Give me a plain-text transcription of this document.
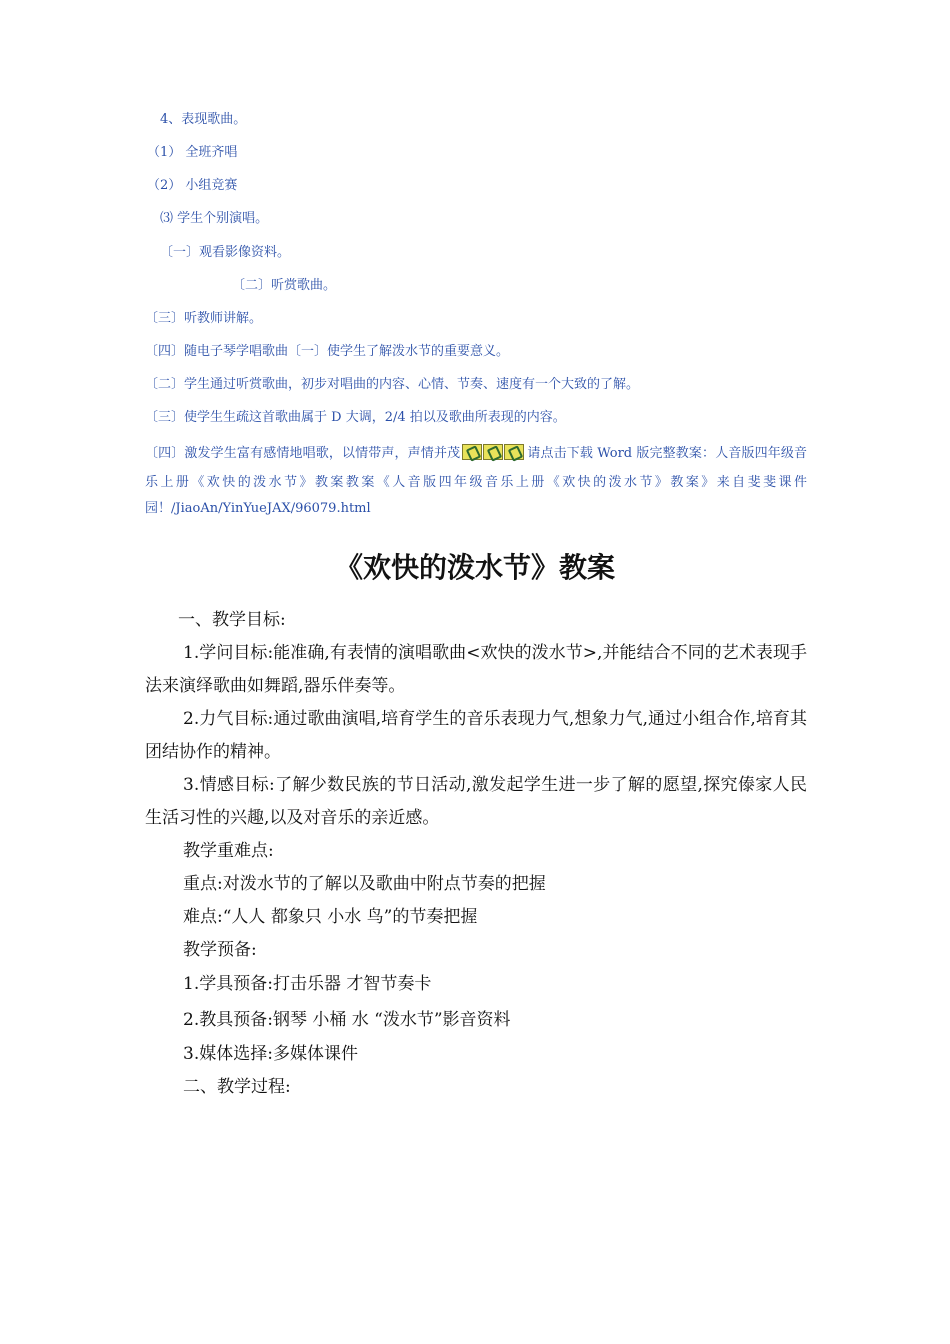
4、表现歌曲。
（1） 全班齐唱
（2） 小组竞赛
⑶ 学生个别演唱。
〔一〕观看影像资料。
〔二〕听赏歌曲。
〔三〕听教师讲解。
〔四〕随电子琴学唱歌曲〔一〕使学生了解泼水节的重要意义。
〔二〕学生通过听赏歌曲，初步对唱曲的内容、心情、节奏、速度有一个大致的了解。
〔三〕使学生生疏这首歌曲属于 D 大调，2/4 拍以及歌曲所表现的内容。
〔四〕激发学生富有感情地唱歌，以情带声，声情并茂	请点击下载 Word 版完整教案：人音版四年级音乐上册《欢快的泼水节》教案教案《人音版四年级音乐上册《欢快的泼水节》教案》来自斐斐课件园！/JiaoAn/YinYueJAX/96079.html
《欢快的泼水节》教案
一、教学目标:
1.学问目标:能准确,有表情的演唱歌曲<欢快的泼水节>,并能结合不同的艺术表现手法来演绎歌曲如舞蹈,器乐伴奏等。
2.力气目标:通过歌曲演唱,培育学生的音乐表现力气,想象力气,通过小组合作,培育其团结协作的精神。
3.情感目标:了解少数民族的节日活动,激发起学生进一步了解的愿望,探究傣家人民生活习性的兴趣,以及对音乐的亲近感。
教学重难点:
重点:对泼水节的了解以及歌曲中附点节奏的把握
难点:“人人 都象只 小水 鸟”的节奏把握
教学预备:
1.学具预备:打击乐器 才智节奏卡
2.教具预备:钢琴 小桶 水 “泼水节”影音资料
3.媒体选择:多媒体课件
二、教学过程:
